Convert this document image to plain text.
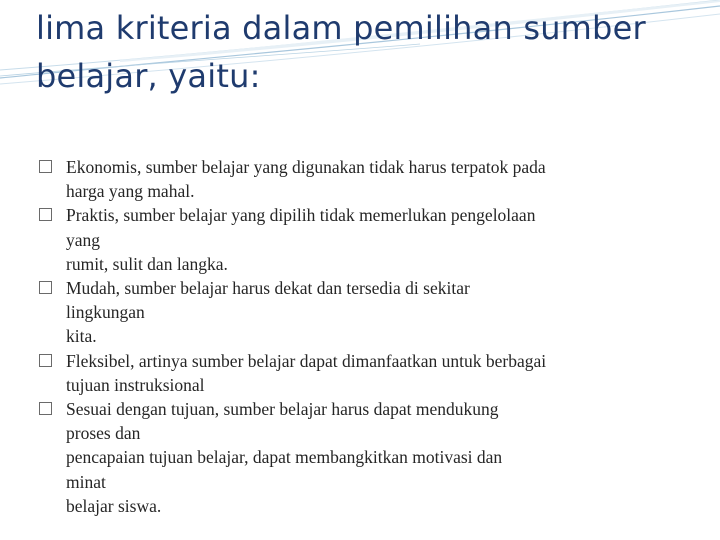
lima kriteria dalam pemilihan sumber
belajar, yaitu:

Ekonomis, sumber belajar yang digunakan tidak harus terpatok pada
harga yang mahal.

Praktis, sumber belajar yang dipilih tidak memerlukan pengelolaan
yang
rumit, sulit dan langka.

Mudah, sumber belajar harus dekat dan tersedia di sekitar
lingkungan
kita.

Fleksibel, artinya sumber belajar dapat dimanfaatkan untuk berbagai
tujuan instruksional

Sesuai dengan tujuan, sumber belajar harus dapat mendukung
proses dan
pencapaian tujuan belajar, dapat membangkitkan motivasi dan
minat
belajar siswa.
